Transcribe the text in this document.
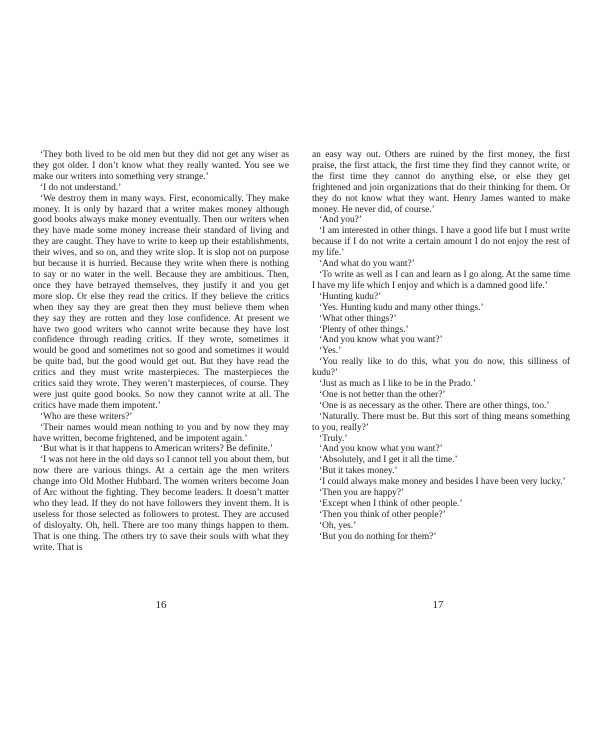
‘They both lived to be old men but they did not get any wiser as they got older. I don’t know what they really wanted. You see we make our writers into something very strange.’

‘I do not understand.’

‘We destroy them in many ways. First, economically. They make money. It is only by hazard that a writer makes money although good books always make money eventually. Then our writers when they have made some money increase their standard of living and they are caught. They have to write to keep up their establishments, their wives, and so on, and they write slop. It is slop not on purpose but because it is hurried. Because they write when there is nothing to say or no water in the well. Because they are ambitious. Then, once they have betrayed themselves, they justify it and you get more slop. Or else they read the critics. If they believe the critics when they say they are great then they must believe them when they say they are rotten and they lose confidence. At present we have two good writers who cannot write because they have lost confidence through reading critics. If they wrote, sometimes it would be good and sometimes not so good and sometimes it would be quite bad, but the good would get out. But they have read the critics and they must write masterpieces. The masterpieces the critics said they wrote. They weren’t masterpieces, of course. They were just quite good books. So now they cannot write at all. The critics have made them impotent.’

‘Who are these writers?’

‘Their names would mean nothing to you and by now they may have written, become frightened, and be impotent again.’

‘But what is it that happens to American writers? Be definite.’

‘I was not here in the old days so I cannot tell you about them, but now there are various things. At a certain age the men writers change into Old Mother Hubbard. The women writers become Joan of Arc without the fighting. They become leaders. It doesn’t matter who they lead. If they do not have followers they invent them. It is useless for those selected as followers to protest. They are accused of disloyalty. Oh, hell. There are too many things happen to them. That is one thing. The others try to save their souls with what they write. That is

16

an easy way out. Others are ruined by the first money, the first praise, the first attack, the first time they find they cannot write, or the first time they cannot do anything else, or else they get frightened and join organizations that do their thinking for them. Or they do not know what they want. Henry James wanted to make money. He never did, of course.’

‘And you?’

‘I am interested in other things. I have a good life but I must write because if I do not write a certain amount I do not enjoy the rest of my life.’

‘And what do you want?’

‘To write as well as I can and learn as I go along. At the same time I have my life which I enjoy and which is a damned good life.’

‘Hunting kudu?’

‘Yes. Hunting kudu and many other things.’

‘What other things?’

‘Plenty of other things.’

‘And you know what you want?’

‘Yes.’

‘You really like to do this, what you do now, this silliness of kudu?’

‘Just as much as I like to be in the Prado.’

‘One is not better than the other?’

‘One is as necessary as the other. There are other things, too.’

‘Naturally. There must be. But this sort of thing means something to you, really?’

‘Truly.’

‘And you know what you want?’

‘Absolutely, and I get it all the time.’

‘But it takes money.’

‘I could always make money and besides I have been very lucky.’

‘Then you are happy?’

‘Except when I think of other people.’

‘Then you think of other people?’

‘Oh, yes.’

‘But you do nothing for them?’

17
